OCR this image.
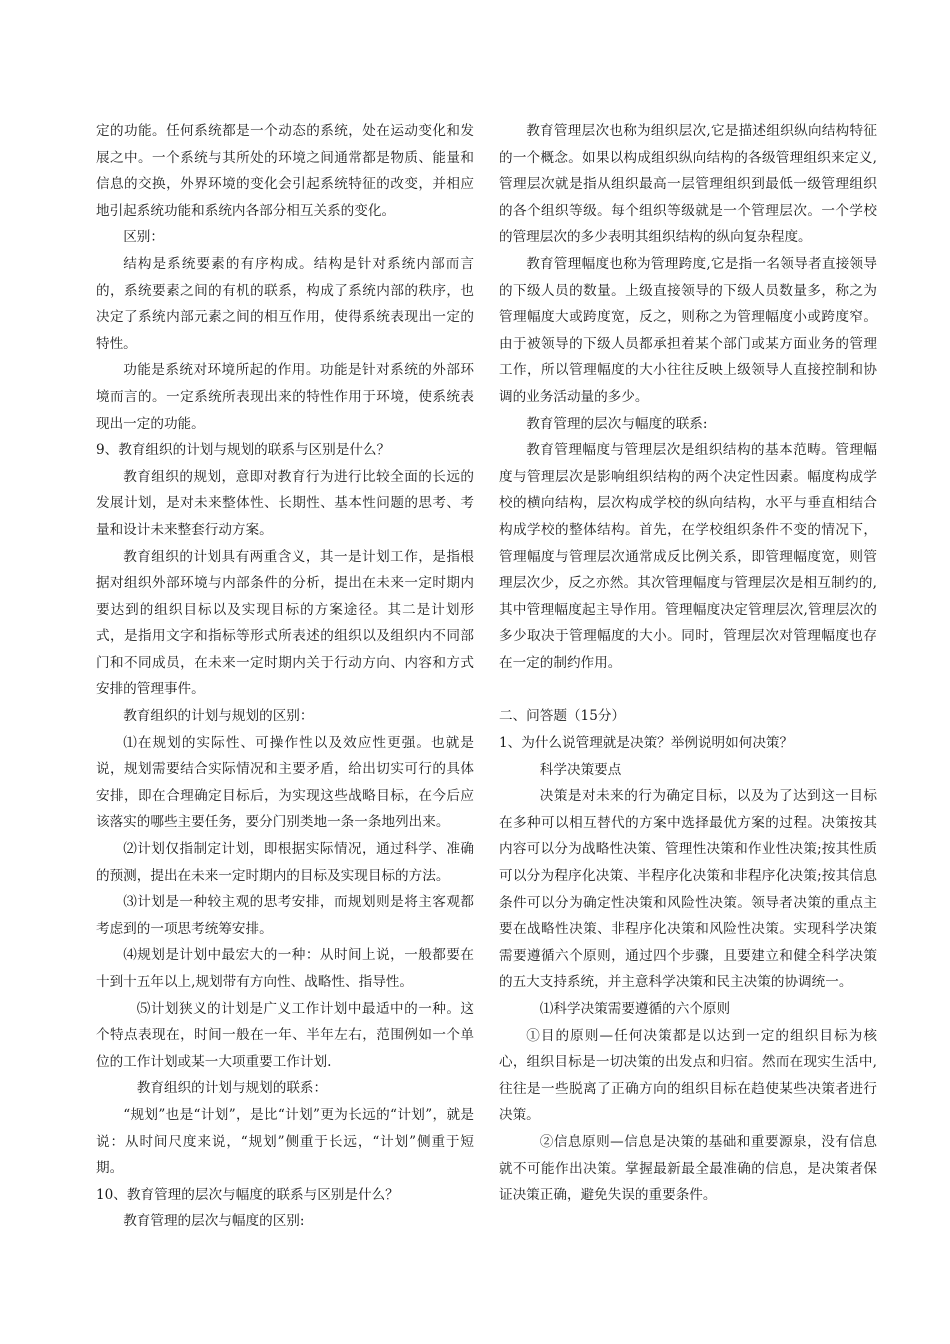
定的功能。任何系统都是一个动态的系统，处在运动变化和发展之中。一个系统与其所处的环境之间通常都是物质、能量和信息的交换，外界环境的变化会引起系统特征的改变，并相应地引起系统功能和系统内各部分相互关系的变化。

区别：

结构是系统要素的有序构成。结构是针对系统内部而言的，系统要素之间的有机的联系，构成了系统内部的秩序，也决定了系统内部元素之间的相互作用，使得系统表现出一定的特性。

功能是系统对环境所起的作用。功能是针对系统的外部环境而言的。一定系统所表现出来的特性作用于环境，使系统表现出一定的功能。

9、教育组织的计划与规划的联系与区别是什么？

教育组织的规划，意即对教育行为进行比较全面的长远的发展计划，是对未来整体性、长期性、基本性问题的思考、考量和设计未来整套行动方案。

教育组织的计划具有两重含义，其一是计划工作，是指根据对组织外部环境与内部条件的分析，提出在未来一定时期内要达到的组织目标以及实现目标的方案途径。其二是计划形式，是指用文字和指标等形式所表述的组织以及组织内不同部门和不同成员，在未来一定时期内关于行动方向、内容和方式安排的管理事件。

教育组织的计划与规划的区别：

⑴在规划的实际性、可操作性以及效应性更强。也就是说，规划需要结合实际情况和主要矛盾，给出切实可行的具体安排，即在合理确定目标后，为实现这些战略目标，在今后应该落实的哪些主要任务，要分门别类地一条一条地列出来。

⑵计划仅指制定计划，即根据实际情况，通过科学、准确的预测，提出在未来一定时期内的目标及实现目标的方法。

⑶计划是一种较主观的思考安排，而规划则是将主客观都考虑到的一项思考统筹安排。

⑷规划是计划中最宏大的一种：从时间上说，一般都要在十到十五年以上,规划带有方向性、战略性、指导性。

⑸计划狭义的计划是广义工作计划中最适中的一种。这个特点表现在，时间一般在一年、半年左右，范围例如一个单位的工作计划或某一大项重要工作计划.

教育组织的计划与规划的联系：

“规划”也是“计划”，是比“计划”更为长远的“计划”，就是说：从时间尺度来说，“规划”侧重于长远，“计划”侧重于短期。

10、教育管理的层次与幅度的联系与区别是什么？

教育管理的层次与幅度的区别:

教育管理层次也称为组织层次,它是描述组织纵向结构特征的一个概念。如果以构成组织纵向结构的各级管理组织来定义,管理层次就是指从组织最高一层管理组织到最低一级管理组织的各个组织等级。每个组织等级就是一个管理层次。一个学校的管理层次的多少表明其组织结构的纵向复杂程度。

教育管理幅度也称为管理跨度,它是指一名领导者直接领导的下级人员的数量。上级直接领导的下级人员数量多，称之为管理幅度大或跨度宽，反之，则称之为管理幅度小或跨度窄。由于被领导的下级人员都承担着某个部门或某方面业务的管理工作，所以管理幅度的大小往往反映上级领导人直接控制和协调的业务活动量的多少。

教育管理的层次与幅度的联系:

教育管理幅度与管理层次是组织结构的基本范畴。管理幅度与管理层次是影响组织结构的两个决定性因素。幅度构成学校的横向结构，层次构成学校的纵向结构，水平与垂直相结合构成学校的整体结构。首先，在学校组织条件不变的情况下，管理幅度与管理层次通常成反比例关系，即管理幅度宽，则管理层次少，反之亦然。其次管理幅度与管理层次是相互制约的,其中管理幅度起主导作用。管理幅度决定管理层次,管理层次的多少取决于管理幅度的大小。同时，管理层次对管理幅度也存在一定的制约作用。

二、问答题（15分）

1、为什么说管理就是决策？举例说明如何决策？

科学决策要点

决策是对未来的行为确定目标，以及为了达到这一目标在多种可以相互替代的方案中选择最优方案的过程。决策按其内容可以分为战略性决策、管理性决策和作业性决策;按其性质可以分为程序化决策、半程序化决策和非程序化决策;按其信息条件可以分为确定性决策和风险性决策。领导者决策的重点主要在战略性决策、非程序化决策和风险性决策。实现科学决策需要遵循六个原则，通过四个步骤，且要建立和健全科学决策的五大支持系统，并主意科学决策和民主决策的协调统一。

⑴科学决策需要遵循的六个原则

①目的原则—任何决策都是以达到一定的组织目标为核心，组织目标是一切决策的出发点和归宿。然而在现实生活中,往往是一些脱离了正确方向的组织目标在趋使某些决策者进行决策。

②信息原则—信息是决策的基础和重要源泉，没有信息就不可能作出决策。掌握最新最全最准确的信息，是决策者保证决策正确，避免失误的重要条件。
